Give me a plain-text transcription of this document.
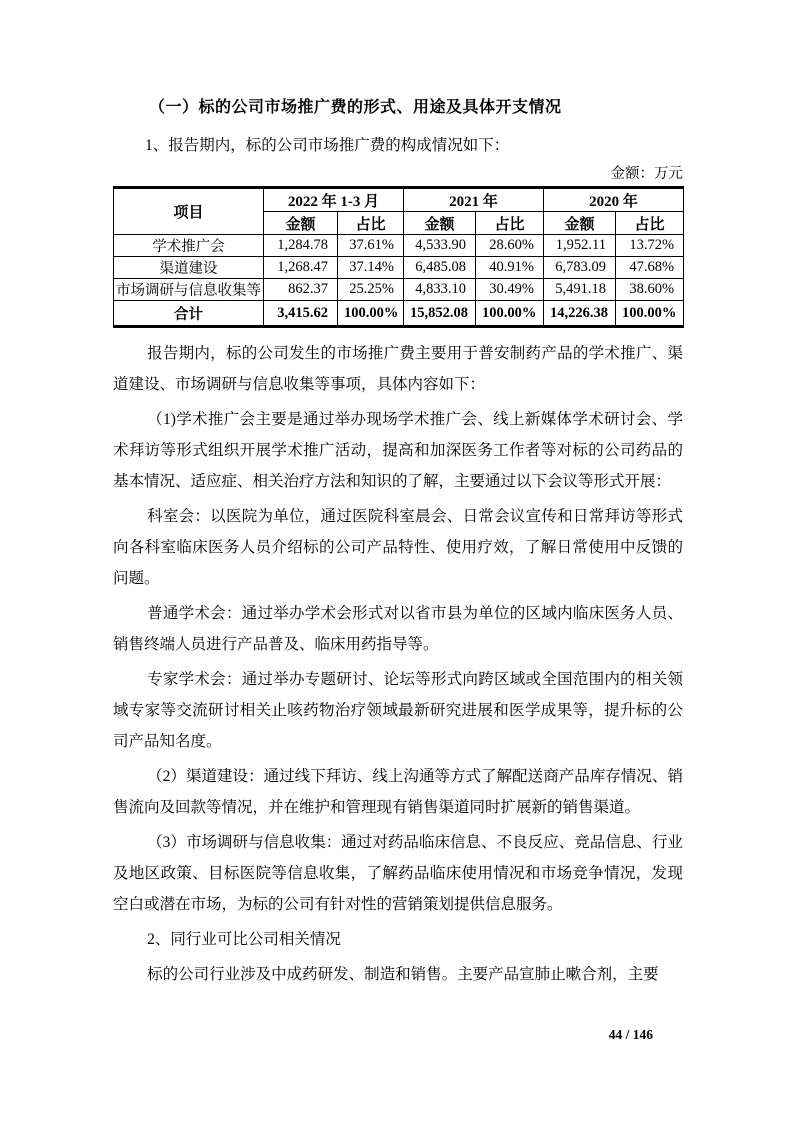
（一）标的公司市场推广费的形式、用途及具体开支情况
1、报告期内，标的公司市场推广费的构成情况如下：
金额：万元
项目	2022 年 1-3 月		2021 年		2020 年	
	金额	占比	金额	占比	金额	占比
学术推广会	1,284.78	37.61%	4,533.90	28.60%	1,952.11	13.72%
渠道建设	1,268.47	37.14%	6,485.08	40.91%	6,783.09	47.68%
市场调研与信息收集等	862.37	25.25%	4,833.10	30.49%	5,491.18	38.60%
合计	3,415.62	100.00%	15,852.08	100.00%	14,226.38	100.00%

报告期内，标的公司发生的市场推广费主要用于普安制药产品的学术推广、渠道建设、市场调研与信息收集等事项，具体内容如下：

（1)学术推广会主要是通过举办现场学术推广会、线上新媒体学术研讨会、学术拜访等形式组织开展学术推广活动，提高和加深医务工作者等对标的公司药品的基本情况、适应症、相关治疗方法和知识的了解，主要通过以下会议等形式开展：

科室会：以医院为单位，通过医院科室晨会、日常会议宣传和日常拜访等形式向各科室临床医务人员介绍标的公司产品特性、使用疗效，了解日常使用中反馈的问题。

普通学术会：通过举办学术会形式对以省市县为单位的区域内临床医务人员、销售终端人员进行产品普及、临床用药指导等。

专家学术会：通过举办专题研讨、论坛等形式向跨区域或全国范围内的相关领域专家等交流研讨相关止咳药物治疗领域最新研究进展和医学成果等，提升标的公司产品知名度。

（2）渠道建设：通过线下拜访、线上沟通等方式了解配送商产品库存情况、销售流向及回款等情况，并在维护和管理现有销售渠道同时扩展新的销售渠道。

（3）市场调研与信息收集：通过对药品临床信息、不良反应、竞品信息、行业及地区政策、目标医院等信息收集，了解药品临床使用情况和市场竞争情况，发现空白或潜在市场，为标的公司有针对性的营销策划提供信息服务。

2、同行业可比公司相关情况

标的公司行业涉及中成药研发、制造和销售。主要产品宣肺止嗽合剂，主要

44 / 146
